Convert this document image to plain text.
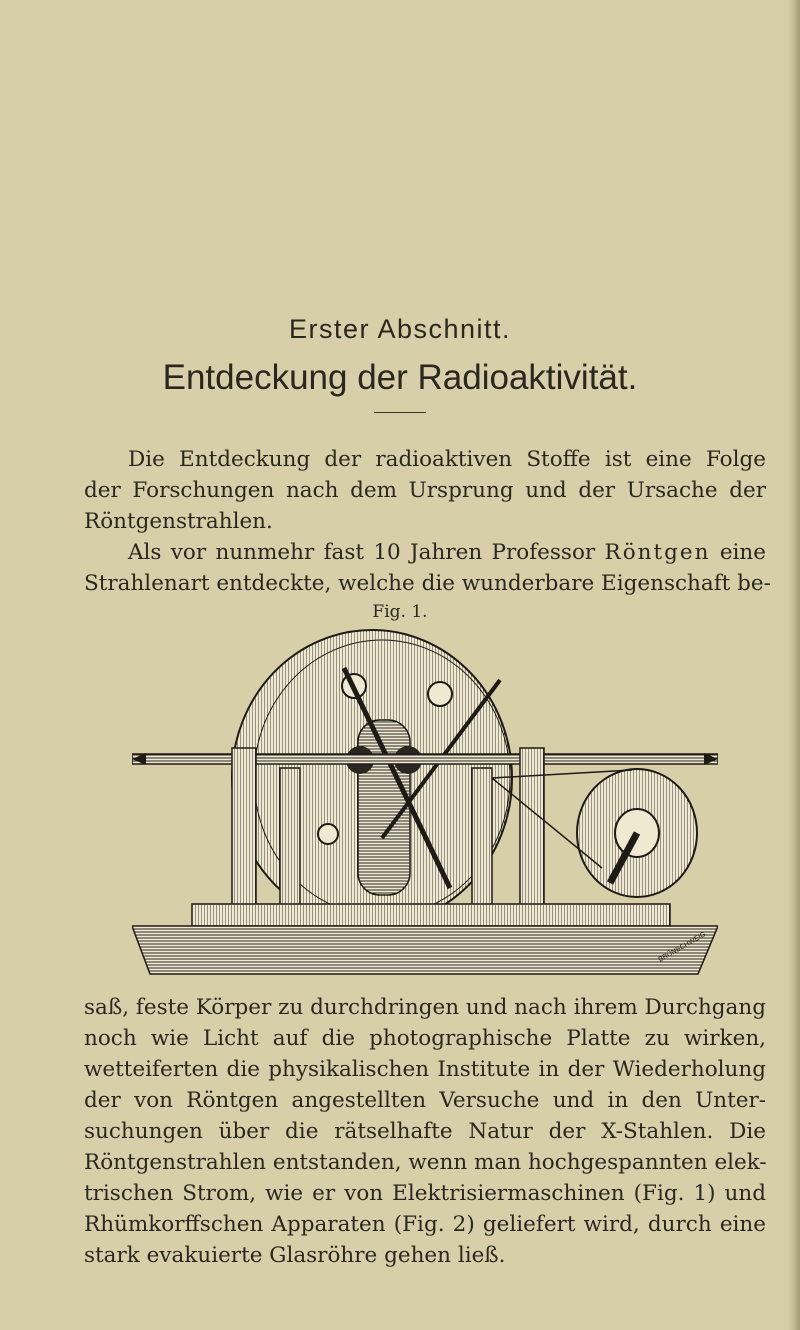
Erster Abschnitt.
Entdeckung der Radioaktivität.
Die Entdeckung der radioaktiven Stoffe ist eine Folge
der Forschungen nach dem Ursprung und der Ursache der
Röntgenstrahlen.
Als vor nunmehr fast 10 Jahren Professor Röntgen eine
Strahlenart entdeckte, welche die wunderbare Eigenschaft be-
Fig. 1.
BRÜNSCHWEIG
saß, feste Körper zu durchdringen und nach ihrem Durchgang
noch wie Licht auf die photographische Platte zu wirken,
wetteiferten die physikalischen Institute in der Wiederholung
der von Röntgen angestellten Versuche und in den Unter-
suchungen über die rätselhafte Natur der X-Stahlen. Die
Röntgenstrahlen entstanden, wenn man hochgespannten elek-
trischen Strom, wie er von Elektrisiermaschinen (Fig. 1) und
Rhümkorffschen Apparaten (Fig. 2) geliefert wird, durch eine
stark evakuierte Glasröhre gehen ließ.
